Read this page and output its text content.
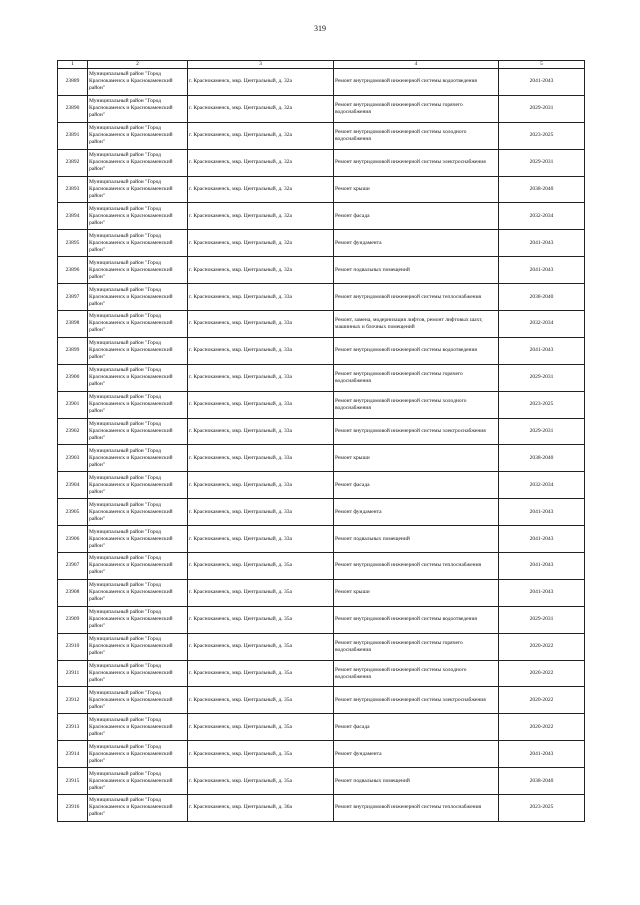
319
1	2	3	4	5
23889	Муниципальный район "Город Краснокаменск и Краснокаменский район"	г. Краснокаменск, мкр. Центральный, д. 32а	Ремонт внутридомовой инженерной системы водоотведения	2041-2043
23890	Муниципальный район "Город Краснокаменск и Краснокаменский район"	г. Краснокаменск, мкр. Центральный, д. 32а	Ремонт внутридомовой инженерной системы горячего водоснабжения	2029-2031
23891	Муниципальный район "Город Краснокаменск и Краснокаменский район"	г. Краснокаменск, мкр. Центральный, д. 32а	Ремонт внутридомовой инженерной системы холодного водоснабжения	2023-2025
23892	Муниципальный район "Город Краснокаменск и Краснокаменский район"	г. Краснокаменск, мкр. Центральный, д. 32а	Ремонт внутридомовой инженерной системы электроснабжения	2029-2031
23893	Муниципальный район "Город Краснокаменск и Краснокаменский район"	г. Краснокаменск, мкр. Центральный, д. 32а	Ремонт крыши	2038-2040
23894	Муниципальный район "Город Краснокаменск и Краснокаменский район"	г. Краснокаменск, мкр. Центральный, д. 32а	Ремонт фасада	2032-2034
23895	Муниципальный район "Город Краснокаменск и Краснокаменский район"	г. Краснокаменск, мкр. Центральный, д. 32а	Ремонт фундамента	2041-2043
23896	Муниципальный район "Город Краснокаменск и Краснокаменский район"	г. Краснокаменск, мкр. Центральный, д. 32а	Ремонт подвальных помещений	2041-2043
23897	Муниципальный район "Город Краснокаменск и Краснокаменский район"	г. Краснокаменск, мкр. Центральный, д. 33а	Ремонт внутридомовой инженерной системы теплоснабжения	2038-2040
23898	Муниципальный район "Город Краснокаменск и Краснокаменский район"	г. Краснокаменск, мкр. Центральный, д. 33а	Ремонт, замена, модернизация лифтов, ремонт лифтовых шахт, машинных и блочных помещений	2032-2034
23899	Муниципальный район "Город Краснокаменск и Краснокаменский район"	г. Краснокаменск, мкр. Центральный, д. 33а	Ремонт внутридомовой инженерной системы водоотведения	2041-2043
23900	Муниципальный район "Город Краснокаменск и Краснокаменский район"	г. Краснокаменск, мкр. Центральный, д. 33а	Ремонт внутридомовой инженерной системы горячего водоснабжения	2029-2031
23901	Муниципальный район "Город Краснокаменск и Краснокаменский район"	г. Краснокаменск, мкр. Центральный, д. 33а	Ремонт внутридомовой инженерной системы холодного водоснабжения	2023-2025
23902	Муниципальный район "Город Краснокаменск и Краснокаменский район"	г. Краснокаменск, мкр. Центральный, д. 33а	Ремонт внутридомовой инженерной системы электроснабжения	2029-2031
23903	Муниципальный район "Город Краснокаменск и Краснокаменский район"	г. Краснокаменск, мкр. Центральный, д. 33а	Ремонт крыши	2038-2040
23904	Муниципальный район "Город Краснокаменск и Краснокаменский район"	г. Краснокаменск, мкр. Центральный, д. 33а	Ремонт фасада	2032-2034
23905	Муниципальный район "Город Краснокаменск и Краснокаменский район"	г. Краснокаменск, мкр. Центральный, д. 33а	Ремонт фундамента	2041-2043
23906	Муниципальный район "Город Краснокаменск и Краснокаменский район"	г. Краснокаменск, мкр. Центральный, д. 33а	Ремонт подвальных помещений	2041-2043
23907	Муниципальный район "Город Краснокаменск и Краснокаменский район"	г. Краснокаменск, мкр. Центральный, д. 35а	Ремонт внутридомовой инженерной системы теплоснабжения	2041-2043
23908	Муниципальный район "Город Краснокаменск и Краснокаменский район"	г. Краснокаменск, мкр. Центральный, д. 35а	Ремонт крыши	2041-2043
23909	Муниципальный район "Город Краснокаменск и Краснокаменский район"	г. Краснокаменск, мкр. Центральный, д. 35а	Ремонт внутридомовой инженерной системы водоотведения	2029-2031
23910	Муниципальный район "Город Краснокаменск и Краснокаменский район"	г. Краснокаменск, мкр. Центральный, д. 35а	Ремонт внутридомовой инженерной системы горячего водоснабжения	2020-2022
23911	Муниципальный район "Город Краснокаменск и Краснокаменский район"	г. Краснокаменск, мкр. Центральный, д. 35а	Ремонт внутридомовой инженерной системы холодного водоснабжения	2020-2022
23912	Муниципальный район "Город Краснокаменск и Краснокаменский район"	г. Краснокаменск, мкр. Центральный, д. 35а	Ремонт внутридомовой инженерной системы электроснабжения	2020-2022
23913	Муниципальный район "Город Краснокаменск и Краснокаменский район"	г. Краснокаменск, мкр. Центральный, д. 35а	Ремонт фасада	2020-2022
23914	Муниципальный район "Город Краснокаменск и Краснокаменский район"	г. Краснокаменск, мкр. Центральный, д. 35а	Ремонт фундамента	2041-2043
23915	Муниципальный район "Город Краснокаменск и Краснокаменский район"	г. Краснокаменск, мкр. Центральный, д. 35а	Ремонт подвальных помещений	2038-2040
23916	Муниципальный район "Город Краснокаменск и Краснокаменский район"	г. Краснокаменск, мкр. Центральный, д. 36а	Ремонт внутридомовой инженерной системы теплоснабжения	2023-2025
